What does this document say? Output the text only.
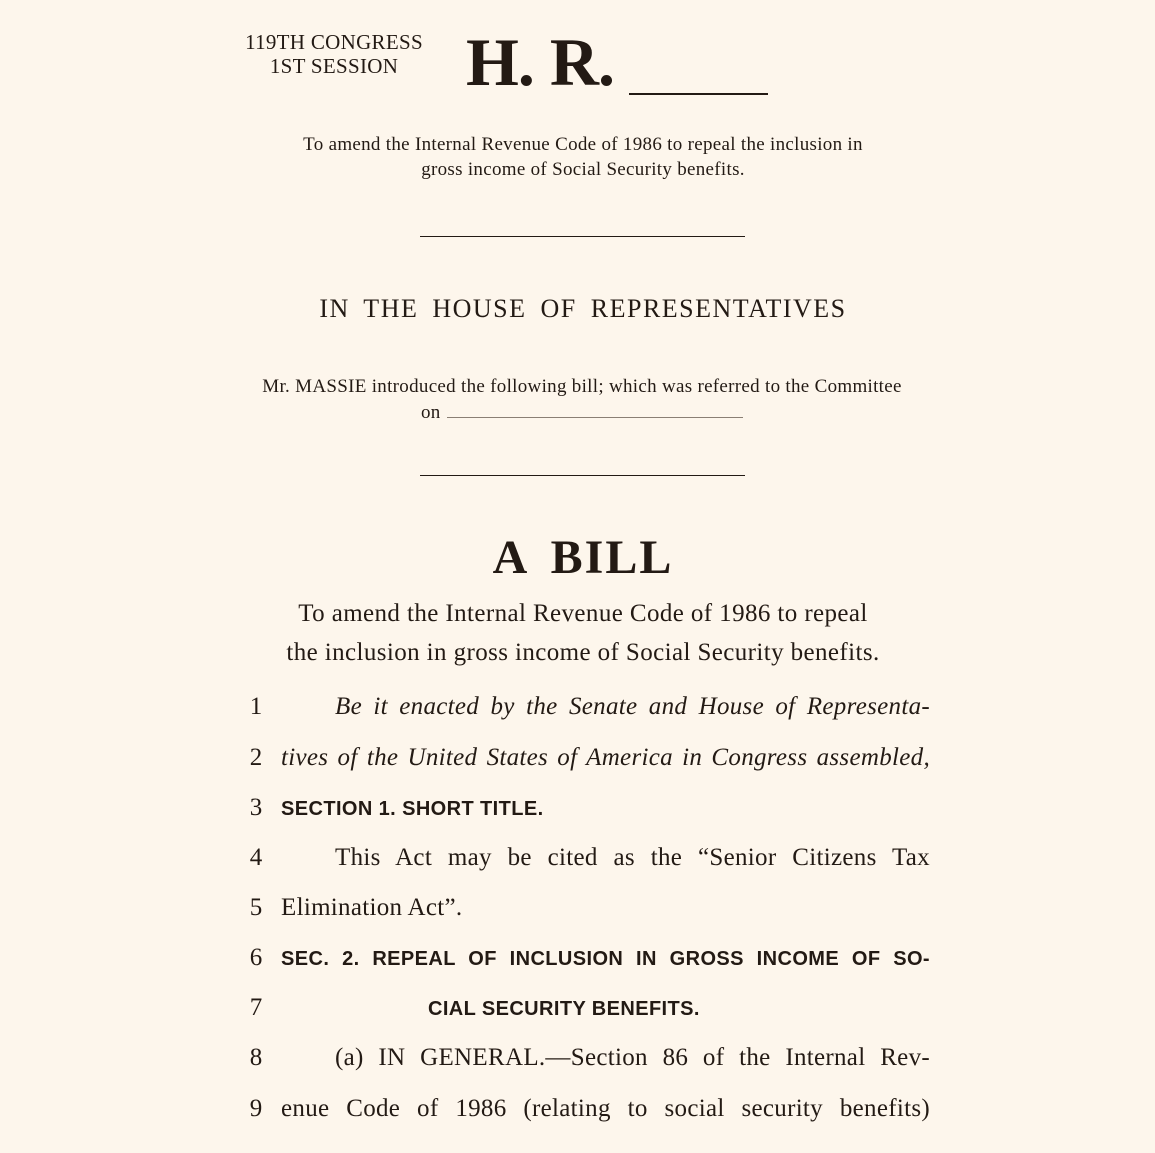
119TH CONGRESS
1ST SESSION H. R.
To amend the Internal Revenue Code of 1986 to repeal the inclusion in
gross income of Social Security benefits.
IN THE HOUSE OF REPRESENTATIVES
Mr. MASSIE introduced the following bill; which was referred to the Committee
on
A BILL
To amend the Internal Revenue Code of 1986 to repeal
the inclusion in gross income of Social Security benefits.
1	Be it enacted by the Senate and House of Representa-
2 tives of the United States of America in Congress assembled,
3 SECTION 1. SHORT TITLE.
4	This Act may be cited as the “Senior Citizens Tax
5 Elimination Act”.
6 SEC. 2. REPEAL OF INCLUSION IN GROSS INCOME OF SO-
7	CIAL SECURITY BENEFITS.
8	(a) IN GENERAL.—Section 86 of the Internal Rev-
9 enue Code of 1986 (relating to social security benefits)
